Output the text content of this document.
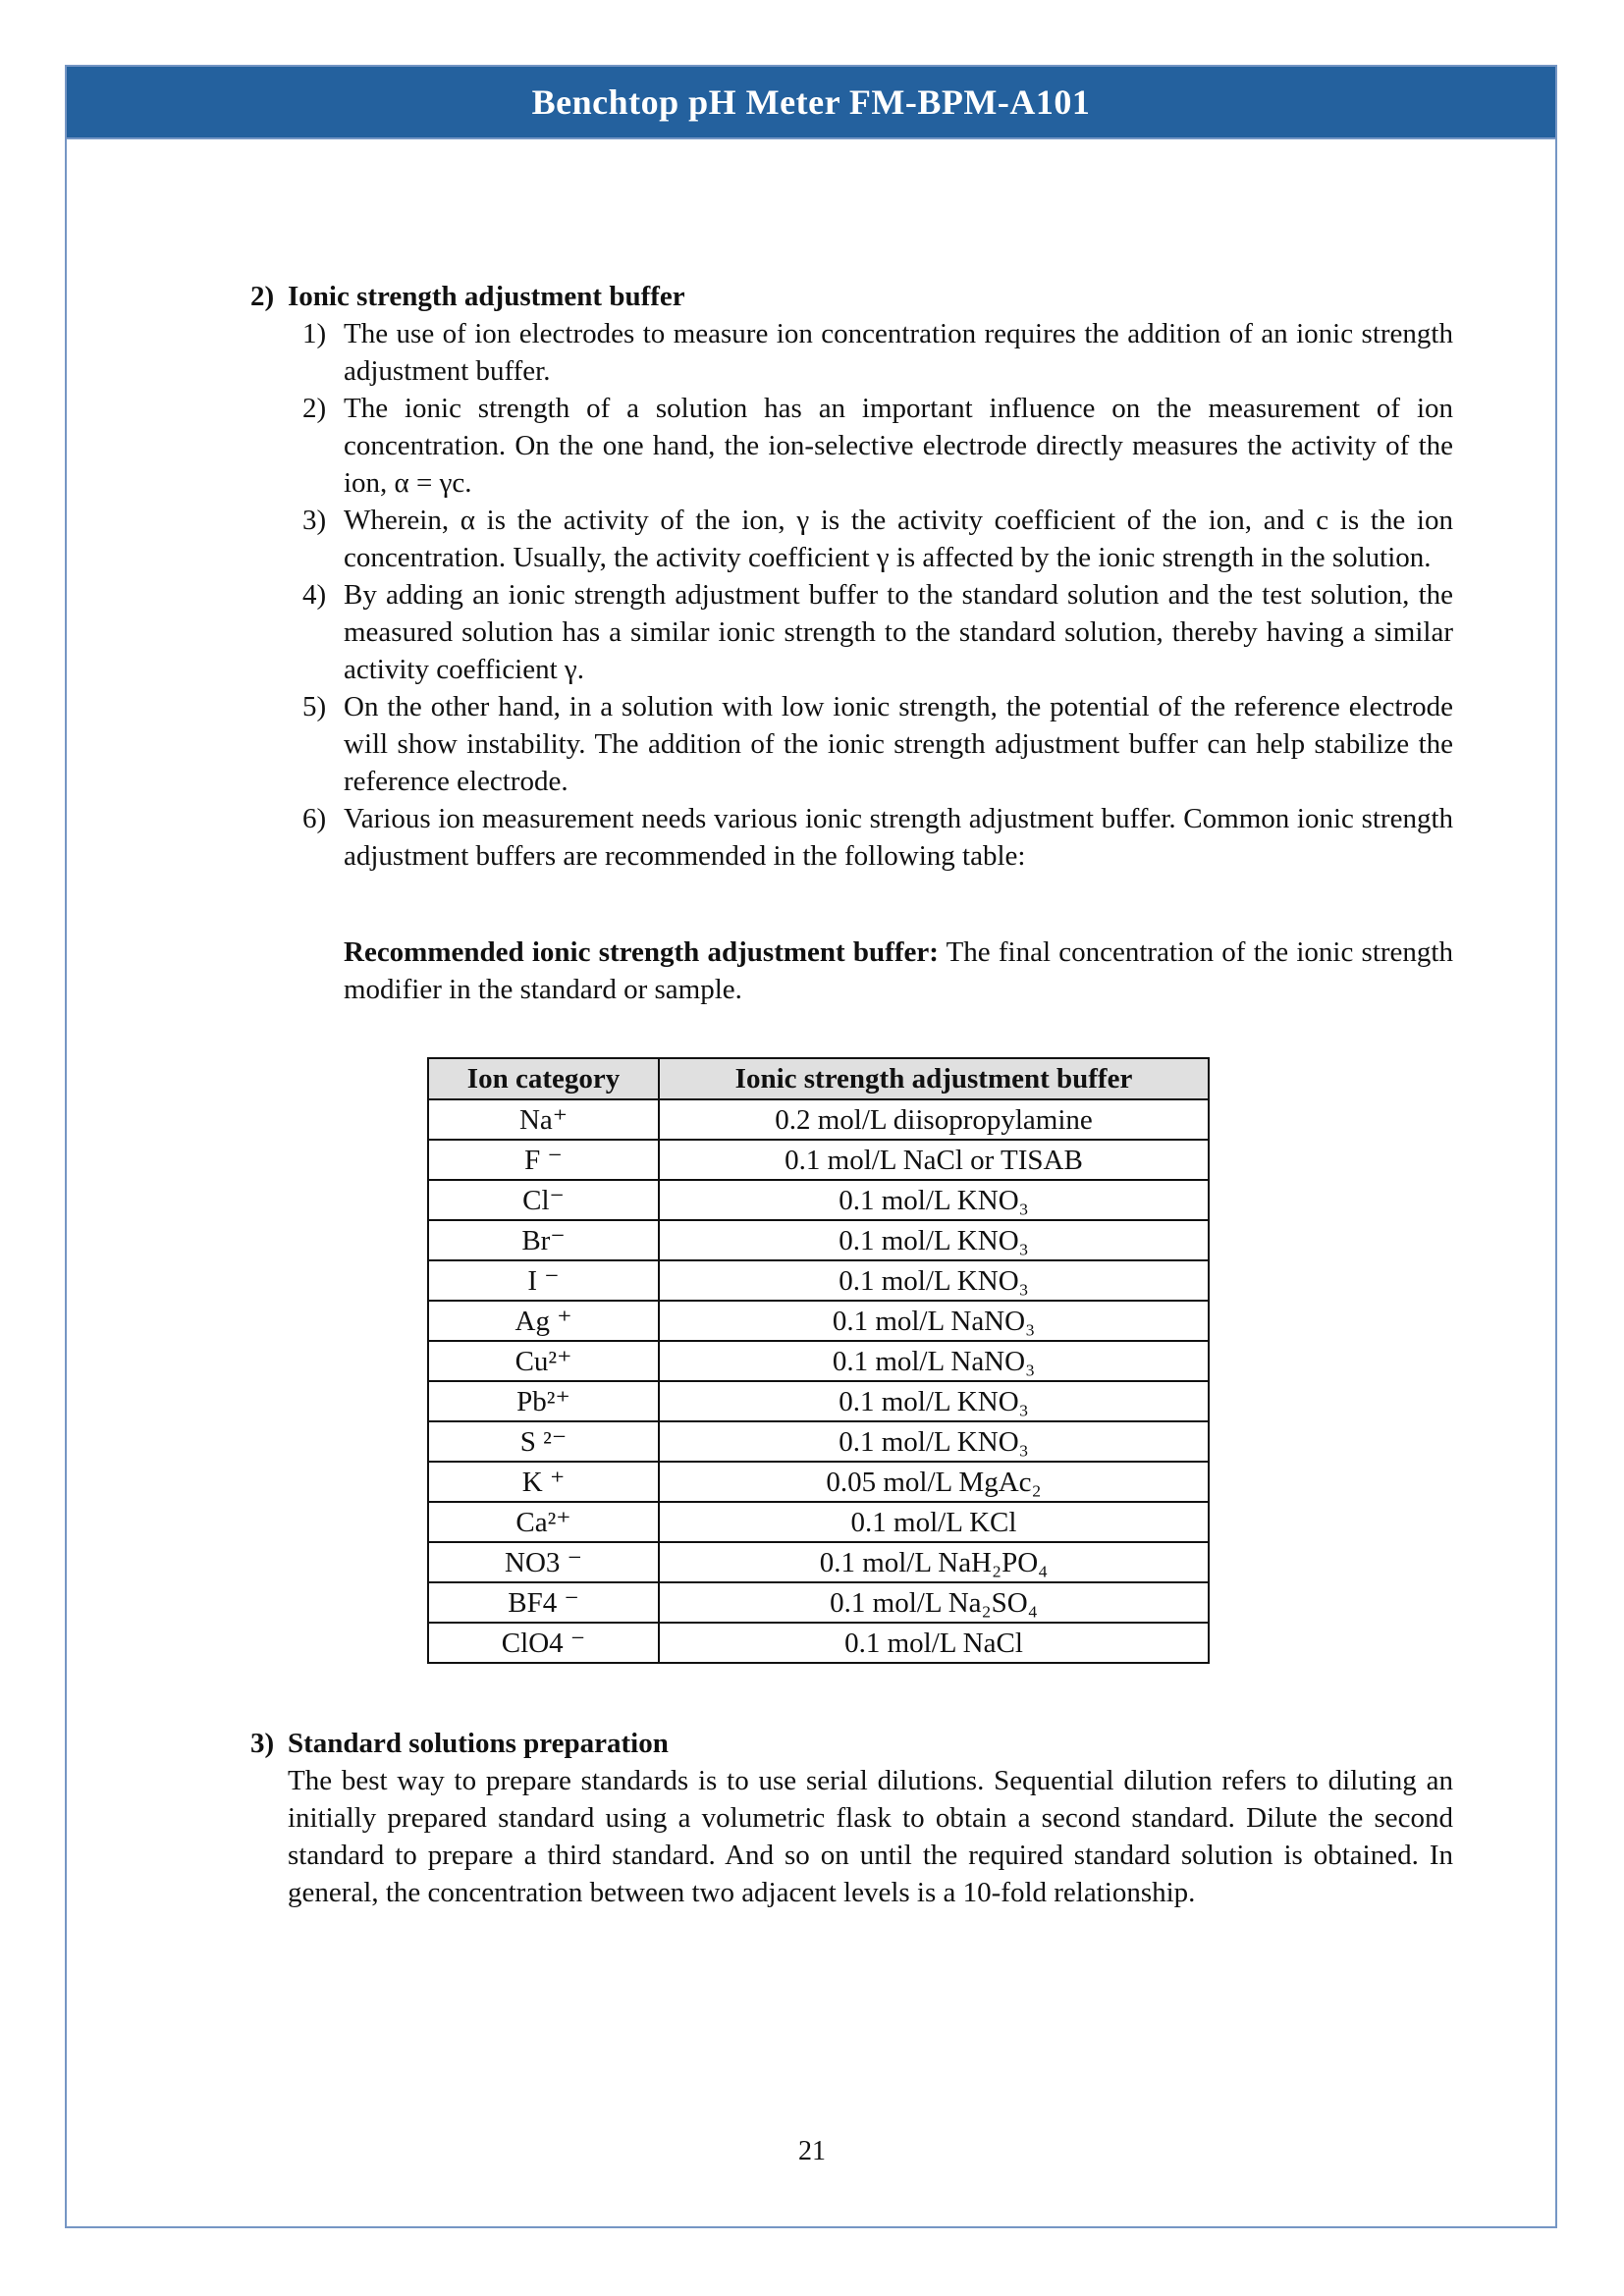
Benchtop pH Meter FM-BPM-A101
2) Ionic strength adjustment buffer
1) The use of ion electrodes to measure ion concentration requires the addition of an ionic strength adjustment buffer.
2) The ionic strength of a solution has an important influence on the measurement of ion concentration. On the one hand, the ion-selective electrode directly measures the activity of the ion, α = γc.
3) Wherein, α is the activity of the ion, γ is the activity coefficient of the ion, and c is the ion concentration. Usually, the activity coefficient γ is affected by the ionic strength in the solution.
4) By adding an ionic strength adjustment buffer to the standard solution and the test solution, the measured solution has a similar ionic strength to the standard solution, thereby having a similar activity coefficient γ.
5) On the other hand, in a solution with low ionic strength, the potential of the reference electrode will show instability. The addition of the ionic strength adjustment buffer can help stabilize the reference electrode.
6) Various ion measurement needs various ionic strength adjustment buffer. Common ionic strength adjustment buffers are recommended in the following table:

Recommended ionic strength adjustment buffer: The final concentration of the ionic strength modifier in the standard or sample.

Ion category	Ionic strength adjustment buffer
Na⁺	0.2 mol/L diisopropylamine
F ⁻	0.1 mol/L NaCl or TISAB
Cl⁻	0.1 mol/L KNO₃
Br⁻	0.1 mol/L KNO₃
I ⁻	0.1 mol/L KNO₃
Ag ⁺	0.1 mol/L NaNO₃
Cu²⁺	0.1 mol/L NaNO₃
Pb²⁺	0.1 mol/L KNO₃
S ²⁻	0.1 mol/L KNO₃
K ⁺	0.05 mol/L MgAc₂
Ca²⁺	0.1 mol/L KCl
NO3 ⁻	0.1 mol/L NaH₂PO₄
BF4 ⁻	0.1 mol/L Na₂SO₄
ClO4 ⁻	0.1 mol/L NaCl
3) Standard solutions preparation

The best way to prepare standards is to use serial dilutions. Sequential dilution refers to diluting an initially prepared standard using a volumetric flask to obtain a second standard. Dilute the second standard to prepare a third standard. And so on until the required standard solution is obtained. In general, the concentration between two adjacent levels is a 10-fold relationship.

21
